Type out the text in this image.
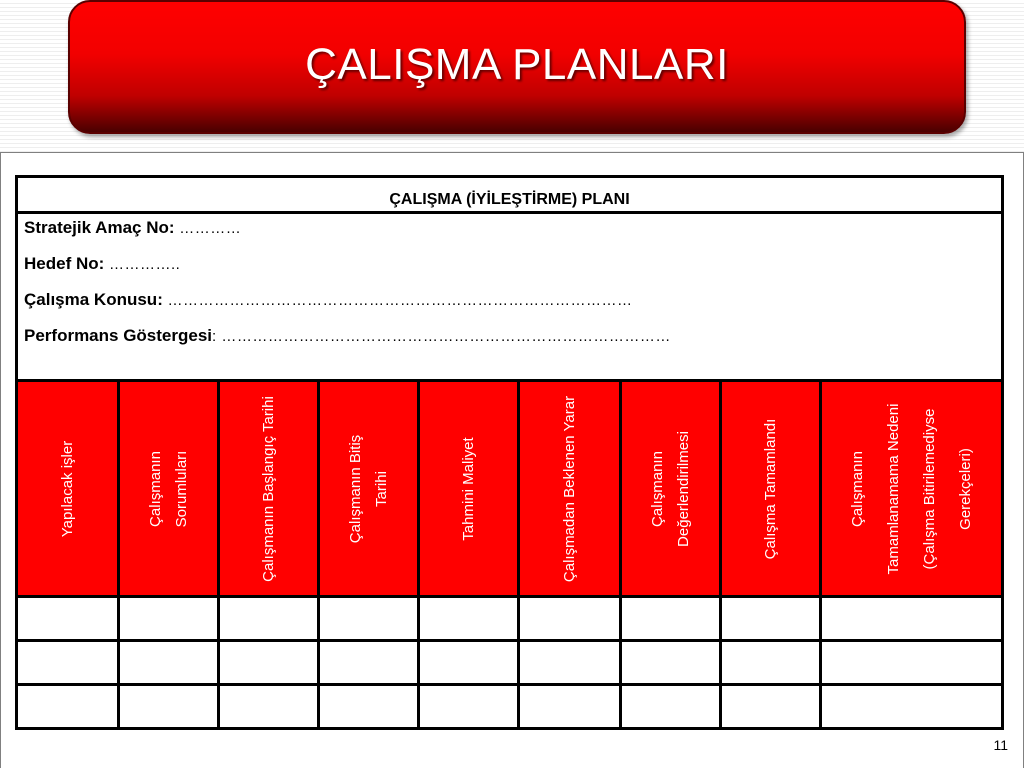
ÇALIŞMA PLANLARI
ÇALIŞMA (İYİLEŞTİRME) PLANI								

Stratejik Amaç No: …………
Hedef No: …………..
Çalışma Konusu: ………………………………………………………………………………
Performans Göstergesi: ……………………………………………………………………………								

Yapılacak işler	Çalışmanın Sorumluları	Çalışmanın Başlangıç Tarihi	Çalışmanın Bitiş Tarihi	Tahmini Maliyet	Çalışmadan Beklenen Yarar	Çalışmanın Değerlendirilmesi	Çalışma Tamamlandı	Çalışmanın Tamamlanamama Nedeni (Çalışma Bitirilemediyse Gerekçeleri)

11
